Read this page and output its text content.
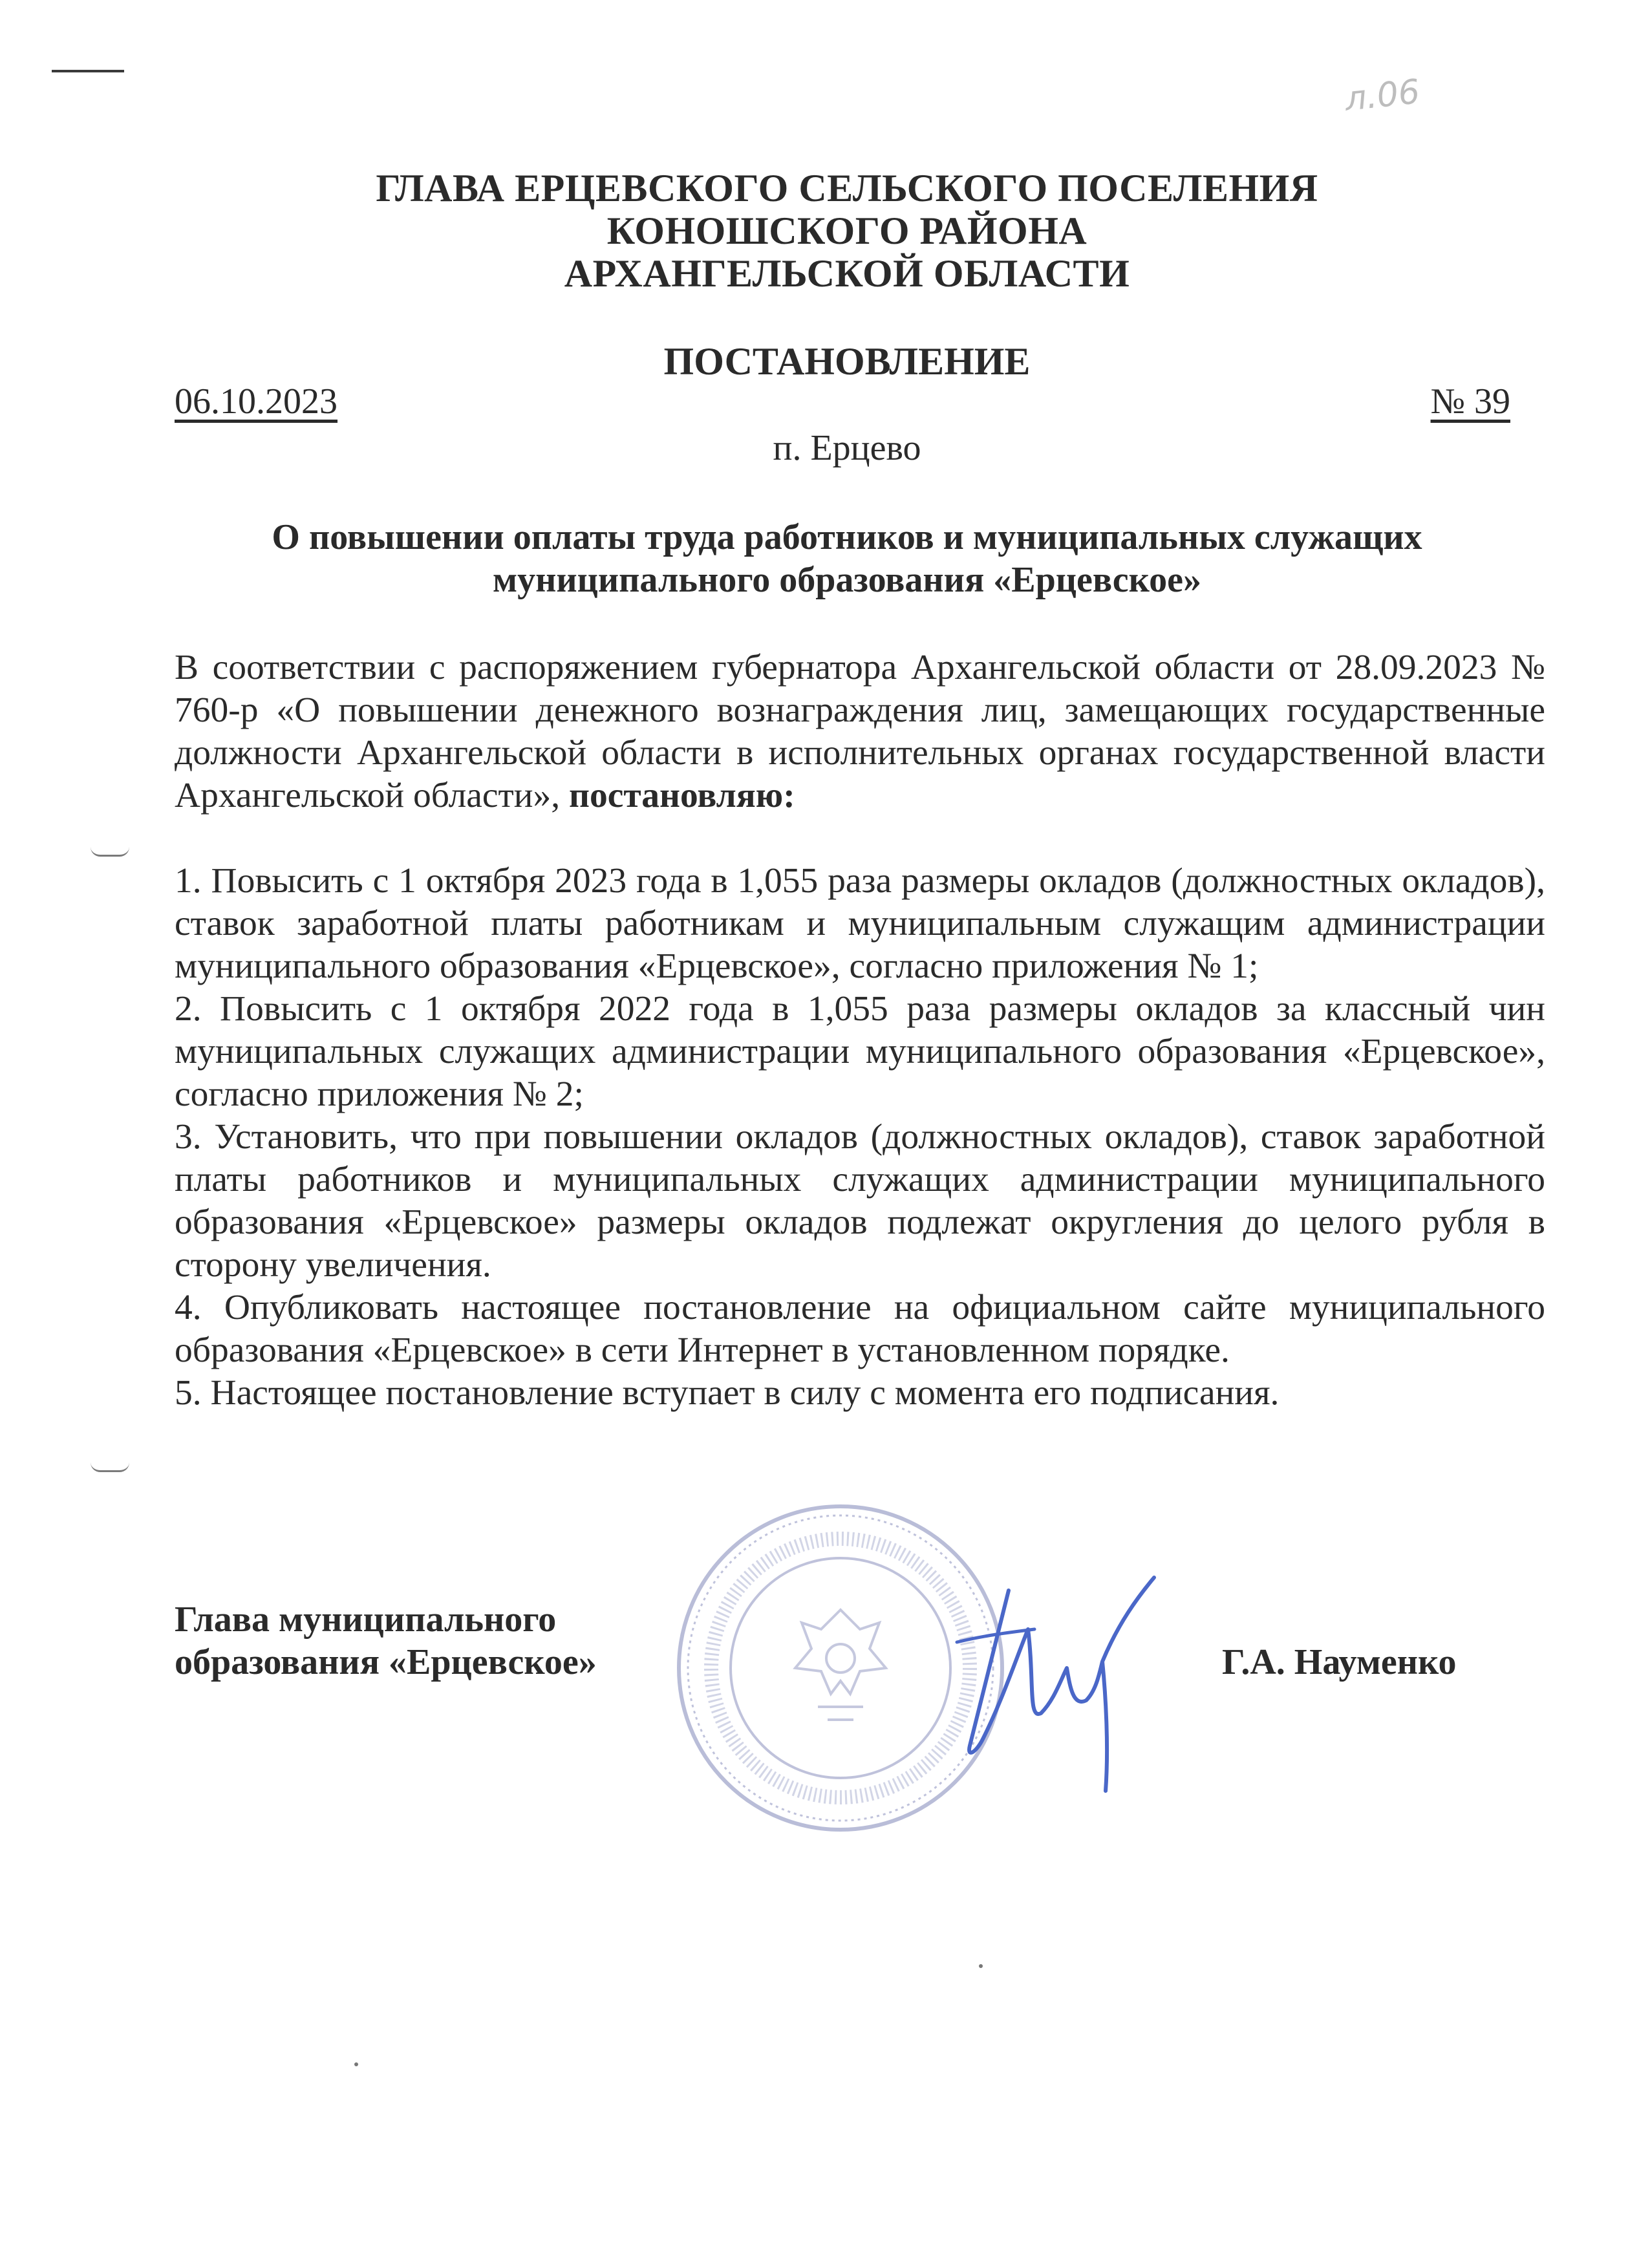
л.06
ГЛАВА ЕРЦЕВСКОГО СЕЛЬСКОГО ПОСЕЛЕНИЯ
КОНОШСКОГО РАЙОНА
АРХАНГЕЛЬСКОЙ ОБЛАСТИ
ПОСТАНОВЛЕНИЕ
06.10.2023	№ 39
п. Ерцево
О повышении оплаты труда работников и муниципальных служащих
муниципального образования «Ерцевское»

В соответствии с распоряжением губернатора Архангельской области от 28.09.2023 № 760-р «О повышении денежного вознаграждения лиц, замещающих государственные должности Архангельской области в исполнительных органах государственной власти Архангельской области», постановляю:

1. Повысить с 1 октября 2023 года в 1,055 раза размеры окладов (должностных окладов), ставок заработной платы работникам и муниципальным служащим администрации муниципального образования «Ерцевское», согласно приложения № 1;

2. Повысить с 1 октября 2022 года в 1,055 раза размеры окладов за классный чин муниципальных служащих администрации муниципального образования «Ерцевское», согласно приложения № 2;

3. Установить, что при повышении окладов (должностных окладов), ставок заработной платы работников и муниципальных служащих администрации муниципального образования «Ерцевское» размеры окладов подлежат округления до целого рубля в сторону увеличения.

4. Опубликовать настоящее постановление на официальном сайте муниципального образования «Ерцевское» в сети Интернет в установленном порядке.

5. Настоящее постановление вступает в силу с момента его подписания.

Глава муниципального
образования «Ерцевское»	Г.А. Науменко
